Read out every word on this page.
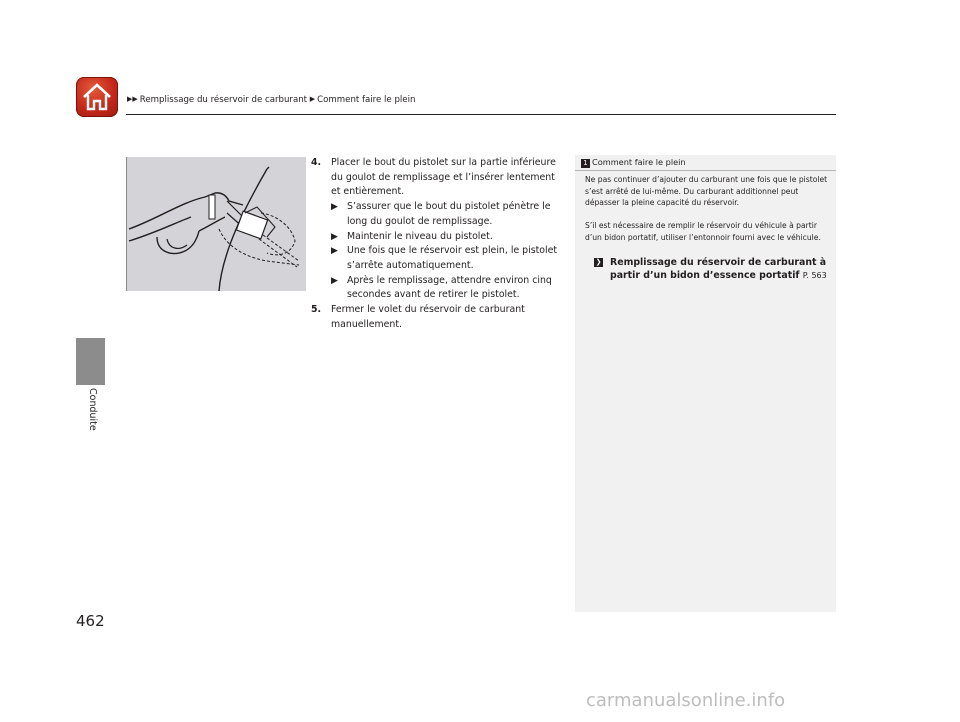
▶▶ Remplissage du réservoir de carburant ▶ Comment faire le plein
Conduite
462
4. Placer le bout du pistolet sur la partie inférieure du goulot de remplissage et l’insérer lentement et entièrement.
▶ S’assurer que le bout du pistolet pénètre le long du goulot de remplissage.
▶ Maintenir le niveau du pistolet.
▶ Une fois que le réservoir est plein, le pistolet s’arrête automatiquement.
▶ Après le remplissage, attendre environ cinq secondes avant de retirer le pistolet.
5. Fermer le volet du réservoir de carburant manuellement.
1 Comment faire le plein

Ne pas continuer d’ajouter du carburant une fois que le pistolet s’est arrêté de lui-même. Du carburant additionnel peut dépasser la pleine capacité du réservoir.

S’il est nécessaire de remplir le réservoir du véhicule à partir d’un bidon portatif, utiliser l’entonnoir fourni avec le véhicule.

❯ Remplissage du réservoir de carburant à partir d’un bidon d’essence portatif P. 563
carmanualsonline.info
